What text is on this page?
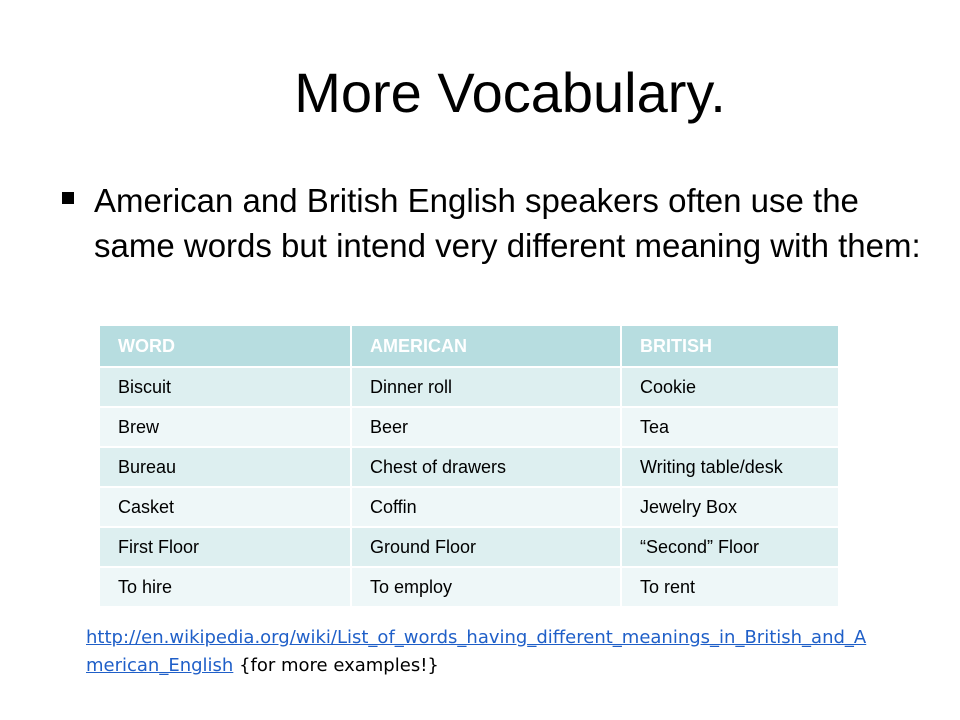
More Vocabulary.
American and British English speakers often use the same words but intend very different meaning with them:
WORD	AMERICAN	BRITISH
Biscuit	Dinner roll	Cookie
Brew	Beer	Tea
Bureau	Chest of drawers	Writing table/desk
Casket	Coffin	Jewelry Box
First Floor	Ground Floor	“Second” Floor
To hire	To employ	To rent
http://en.wikipedia.org/wiki/List_of_words_having_different_meanings_in_British_and_American_English {for more examples!}
